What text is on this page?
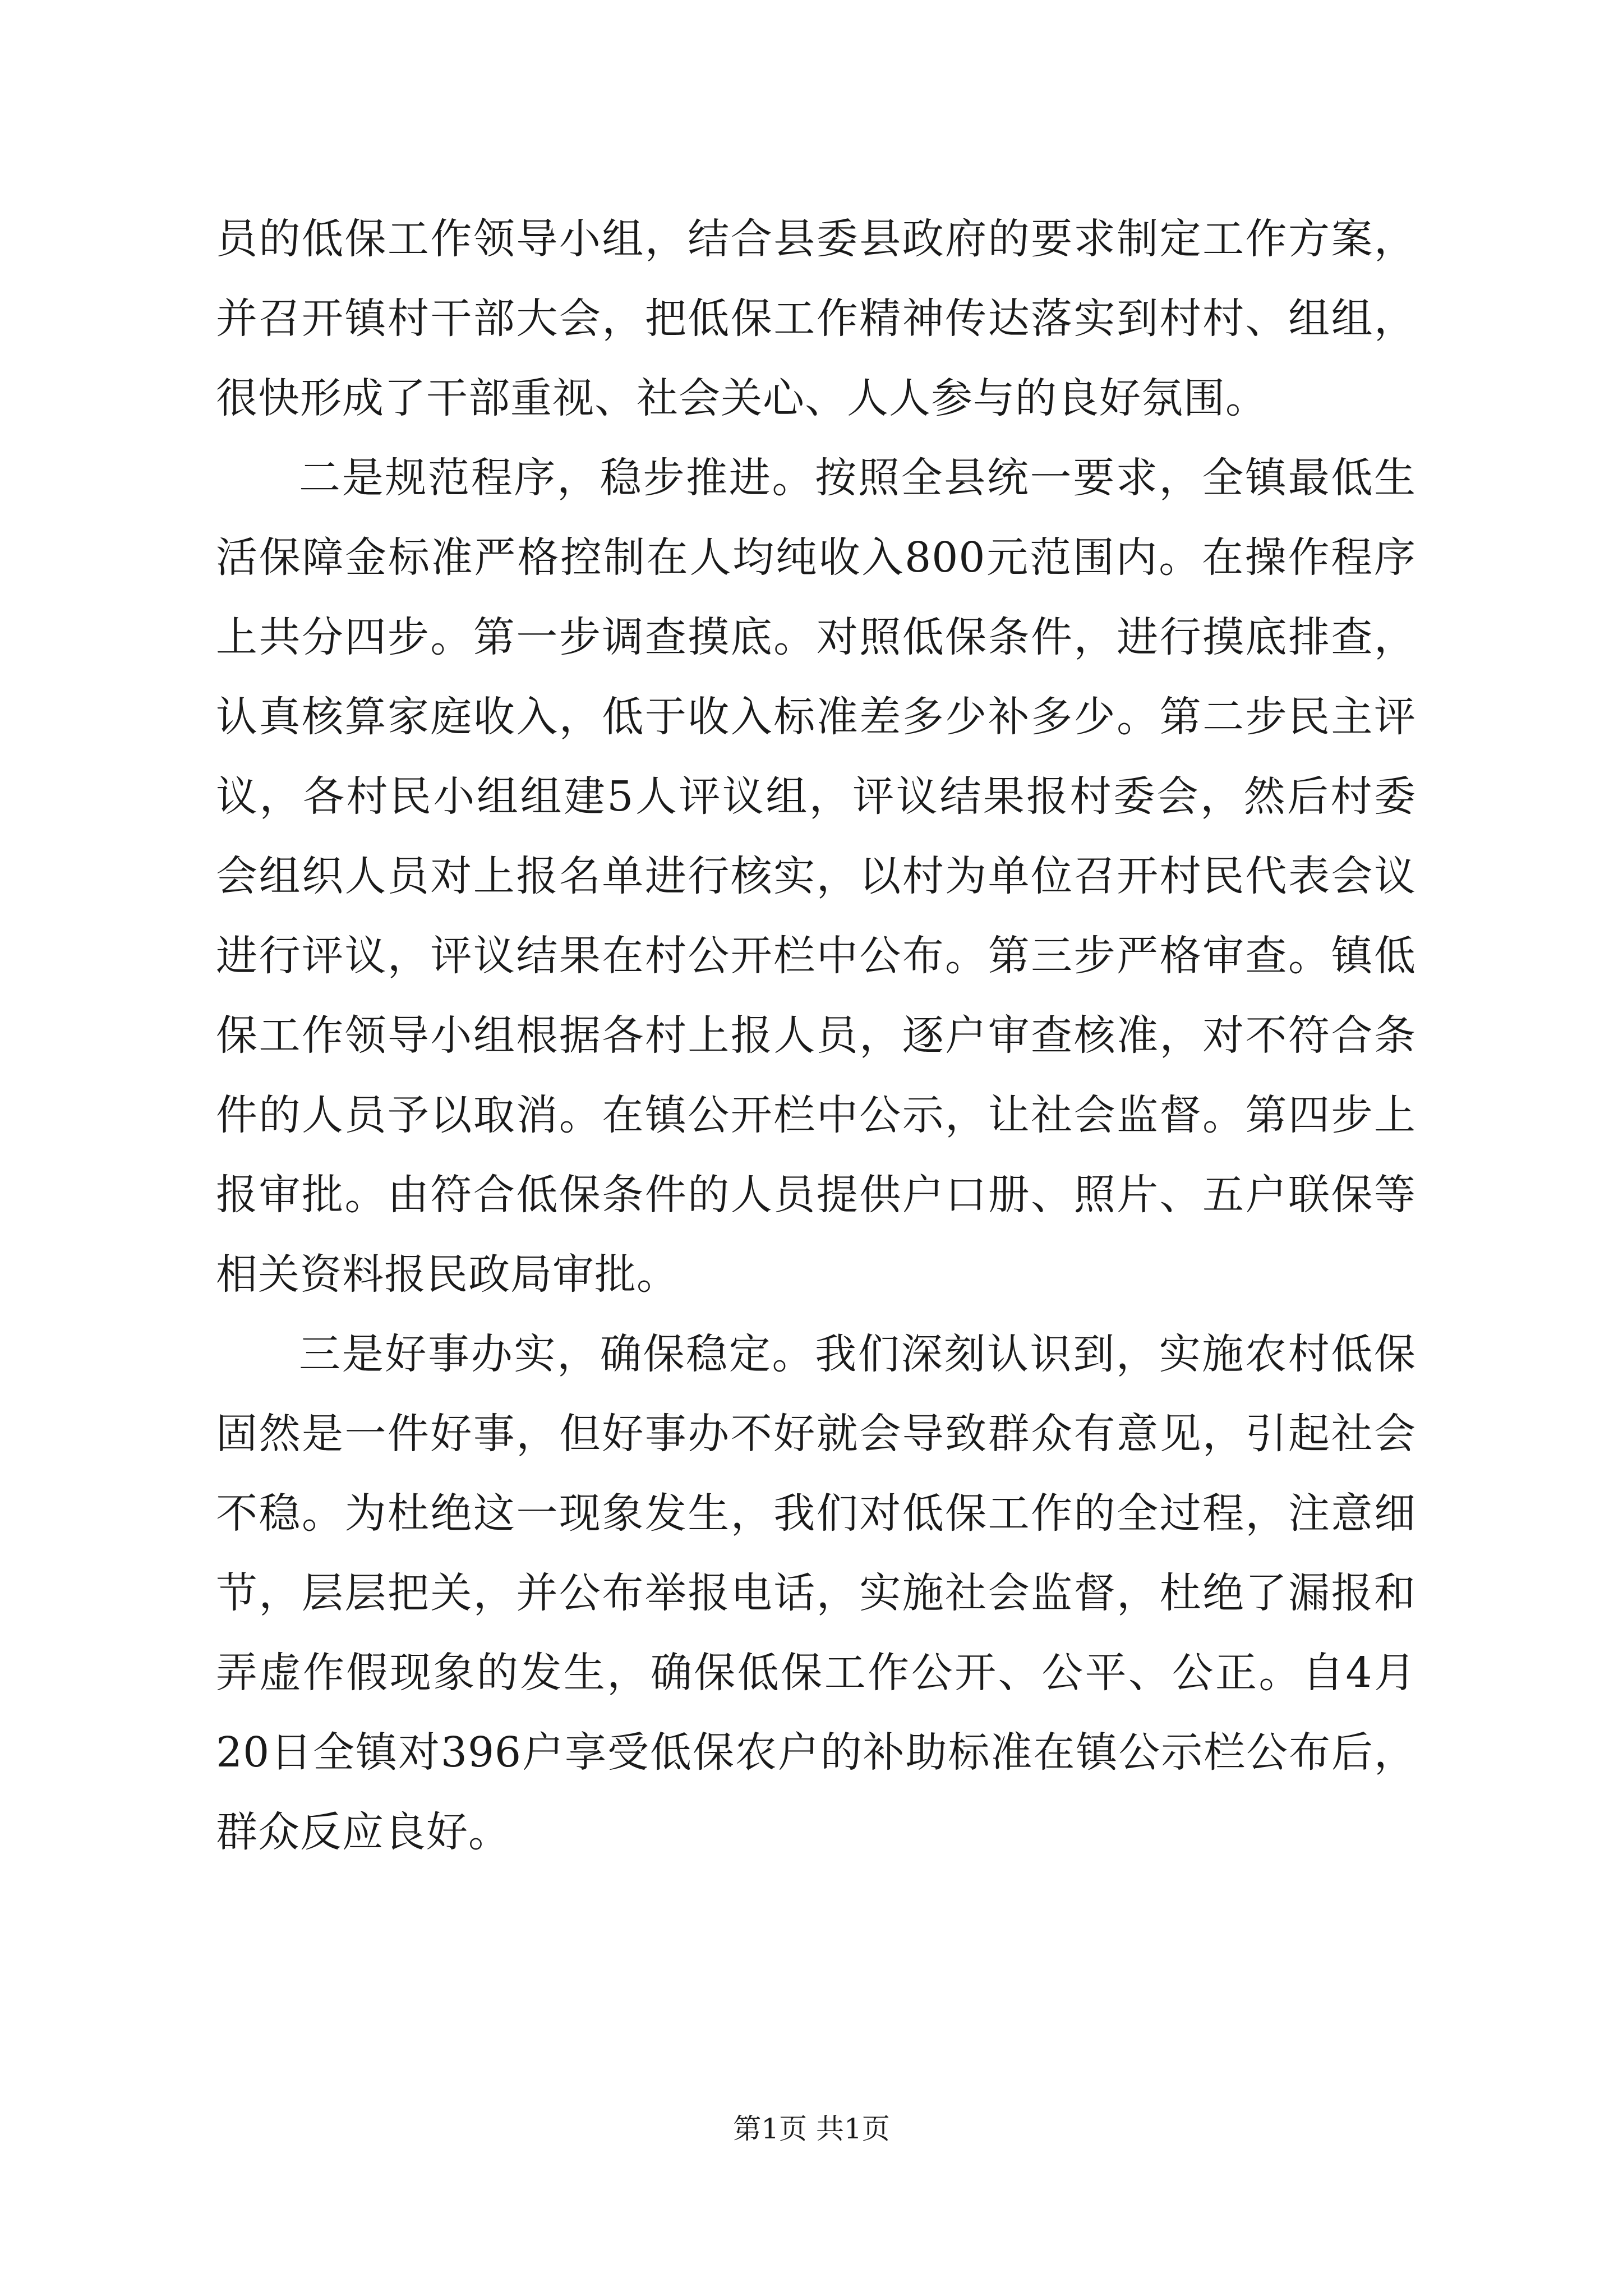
员的低保工作领导小组，结合县委县政府的要求制定工作方案，并召开镇村干部大会，把低保工作精神传达落实到村村、组组，很快形成了干部重视、社会关心、人人参与的良好氛围。

二是规范程序，稳步推进。按照全县统一要求，全镇最低生活保障金标准严格控制在人均纯收入800元范围内。在操作程序上共分四步。第一步调查摸底。对照低保条件，进行摸底排查，认真核算家庭收入，低于收入标准差多少补多少。第二步民主评议，各村民小组组建5人评议组，评议结果报村委会，然后村委会组织人员对上报名单进行核实，以村为单位召开村民代表会议进行评议，评议结果在村公开栏中公布。第三步严格审查。镇低保工作领导小组根据各村上报人员，逐户审查核准，对不符合条件的人员予以取消。在镇公开栏中公示，让社会监督。第四步上报审批。由符合低保条件的人员提供户口册、照片、五户联保等相关资料报民政局审批。

三是好事办实，确保稳定。我们深刻认识到，实施农村低保固然是一件好事，但好事办不好就会导致群众有意见，引起社会不稳。为杜绝这一现象发生，我们对低保工作的全过程，注意细节，层层把关，并公布举报电话，实施社会监督，杜绝了漏报和弄虚作假现象的发生，确保低保工作公开、公平、公正。自4月20日全镇对396户享受低保农户的补助标准在镇公示栏公布后，群众反应良好。

第1页 共1页
